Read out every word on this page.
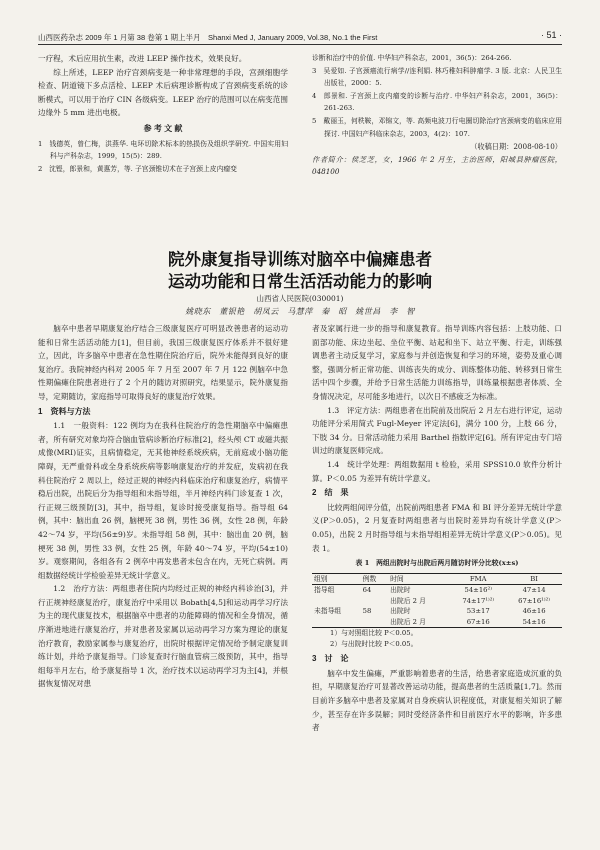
山西医药杂志 2009 年 1 月第 38 卷第 1 期上半月　Shanxi Med J, January 2009, Vol.38, No.1 the First	· 51 ·

一疗程，术后应用抗生素，改进 LEEP 操作技术，效果良好。

综上所述，LEEP 治疗宫颈病变是一种非常理想的手段，宫颈细胞学检查、阴道镜下多点活检、LEEP 术后病理诊断构成了宫颈病变系统的诊断模式，可以用于治疗 CIN 各级病变。LEEP 治疗的范围可以在病变范围边缘外 5 mm 进出电极。

参 考 文 献

1　钱德英，曾仁梅，洪燕华. 电环切除术标本的热损伤及组织学研究. 中国实用妇科与产科杂志，1999，15(5)：289.

2　沈铿，郎景和，黄惠芳，等. 子宫颈锥切术在子宫颈上皮内瘤变

诊断和治疗中的价值. 中华妇产科杂志，2001，36(5)：264-266.

3　吴爱如. 子宫颈癌流行病学//连利娟. 林巧稚妇科肿瘤学. 3 版. 北京：人民卫生出版社，2000：5.

4　郎景和. 子宫颈上皮内瘤变的诊断与治疗. 中华妇产科杂志，2001，36(5)：261-263.

5　戴丽玉，何秩鞍，邓锦文，等. 高频电波刀行电圈切除治疗宫颈病变的临床应用探讨. 中国妇产科临床杂志，2003，4(2)：107.

（收稿日期：2008-08-10）
作者简介：侯芝芝，女，1966 年 2 月生，主治医师，阳城县肿瘤医院，048100
院外康复指导训练对脑卒中偏瘫患者
运动功能和日常生活活动能力的影响
山西省人民医院(030001)
姚晓东　董银艳　胡凤云　马慧萍　秦　昭　姚世昌　李　智

脑卒中患者早期康复治疗结合三级康复医疗可明显改善患者的运动功能和日常生活活动能力[1]，但目前，我国三级康复医疗体系并不很好建立，因此，许多脑卒中患者在急性期住院治疗后，院外未能得到良好的康复治疗。我院神经内科对 2005 年 7 月至 2007 年 7 月 122 例脑卒中急性期偏瘫住院患者进行了 2 个月的随访对照研究，结果显示，院外康复指导，定期随访，家庭指导可取得良好的康复治疗效果。

1　资料与方法

1.1　一般资料：122 例均为在我科住院治疗的急性期脑卒中偏瘫患者，所有研究对象均符合脑血管病诊断治疗标准[2]，经头颅 CT 或磁共振成像(MRI)证实，且病情稳定，无其他神经系统疾病，无前庭或小脑功能障碍，无严重骨科或全身系统疾病等影响康复治疗的并发症，发病初在我科住院治疗 2 周以上，经过正规的神经内科临床治疗和康复治疗，病情平稳后出院，出院后分为指导组和未指导组，半月神经内科门诊复查 1 次，行正规三级预防[3]，其中，指导组，复诊时接受康复指导。指导组 64 例，其中：脑出血 26 例，脑梗死 38 例，男性 36 例，女性 28 例，年龄 42～74 岁，平均(56±9)岁。未指导组 58 例，其中：脑出血 20 例，脑梗死 38 例，男性 33 例，女性 25 例，年龄 40～74 岁，平均(54±10)岁。观察期间，各组各有 2 例卒中再发患者未包含在内，无死亡病例。两组数据经统计学检验差异无统计学意义。

1.2　治疗方法：两组患者住院内均经过正规的神经内科诊治[3]，并行正规神经康复治疗，康复治疗中采用以 Bobath[4,5]和运动再学习疗法为主的现代康复技术，根据脑卒中患者的功能障碍的情况和全身情况，循序渐进地进行康复治疗，并对患者及家属以运动再学习方案为理论的康复治疗教育，教励家属参与康复治疗，出院时根据评定情况给予制定康复训练计划，并给予康复指导。门诊复查时行脑血管病三级预防，其中，指导组每半月左右，给予康复指导 1 次，治疗技术以运动再学习为主[4]，并根据恢复情况对患

者及家属行进一步的指导和康复教育。指导训练内容包括：上肢功能、口面部功能、床边坐起、坐位平衡、站起和坐下、站立平衡、行走，训练强调患者主动反复学习，家庭参与并创造恢复和学习的环境，姿势及重心调整，强调分析正常功能、训练丧失的成分、训练整体功能、转移到日常生活中四个步骤，并给予日常生活能力训练指导，训练量根据患者体质、全身情况决定，尽可能多地进行，以次日不感疲乏为标准。

1.3　评定方法：两组患者在出院前及出院后 2 月左右进行评定，运动功能评分采用简式 Fugl-Meyer 评定法[6]，满分 100 分，上肢 66 分，下肢 34 分。日常活动能力采用 Barthel 指数评定[6]。所有评定由专门培训过的康复医师完成。

1.4　统计学处理：两组数据用 t 检验，采用 SPSS10.0 软件分析计算。P＜0.05 为差异有统计学意义。

2　结　果

比较两组间评分值，出院前两组患者 FMA 和 BI 评分差异无统计学意义(P＞0.05)，2 月复查时两组患者与出院时差异均有统计学意义(P＞0.05)，出院 2 月时指导组与未指导组相差异无统计学意义(P＞0.05)。见表 1。

表 1　两组出院时与出院后两月随访时评分比较(x±s)
组别	例数	时间	FMA	BI
指导组	64	出院时	54±16²⁾	47±14
		出院后 2 月	74±17¹⁾²⁾	67±16¹⁾²⁾
未指导组	58	出院时	53±17	46±16
		出院后 2 月	67±16	54±16
1）与对照组比较 P＜0.05。
2）与出院时比较 P＜0.05。
3　讨　论

脑卒中发生偏瘫，严重影响着患者的生活，给患者家庭造成沉重的负担，早期康复治疗可显著改善运动功能，提高患者的生活质量[1,7]。然而目前许多脑卒中患者及家属对自身疾病认识程度低，对康复相关知识了解少，甚至存在许多误解；同时受经济条件和目前医疗水平的影响，许多患者
